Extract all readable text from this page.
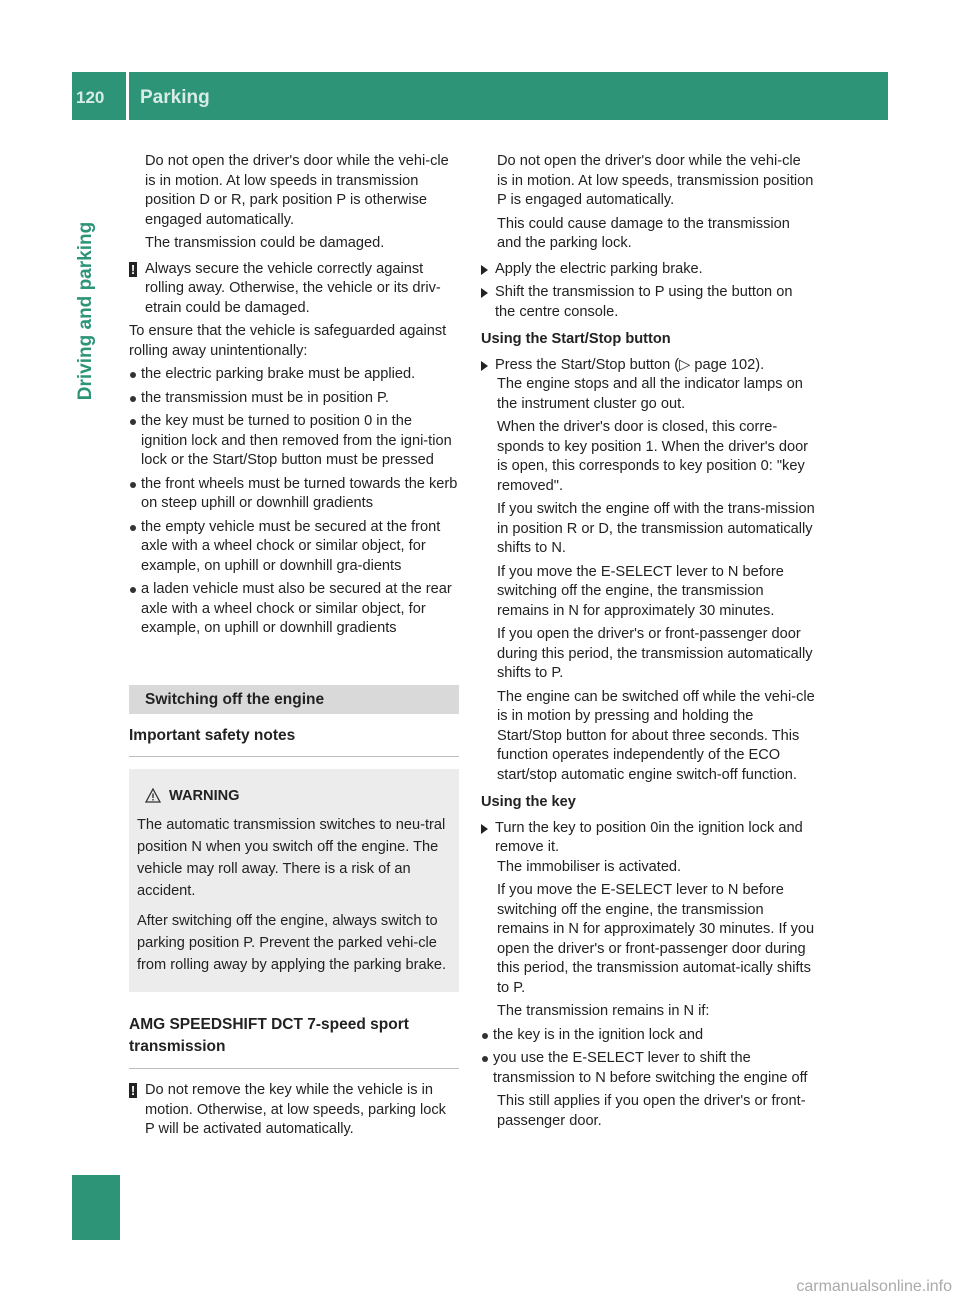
120 Parking
Driving and parking

Do not open the driver's door while the vehi-cle is in motion. At low speeds in transmission position D or R, park position P is otherwise engaged automatically.

The transmission could be damaged.

! Always secure the vehicle correctly against rolling away. Otherwise, the vehicle or its driv-etrain could be damaged.

To ensure that the vehicle is safeguarded against rolling away unintentionally:

the electric parking brake must be applied.
the transmission must be in position P.
the key must be turned to position 0 in the ignition lock and then removed from the igni-tion lock or the Start/Stop button must be pressed
the front wheels must be turned towards the kerb on steep uphill or downhill gradients
the empty vehicle must be secured at the front axle with a wheel chock or similar object, for example, on uphill or downhill gra-dients
a laden vehicle must also be secured at the rear axle with a wheel chock or similar object, for example, on uphill or downhill gradients
Switching off the engine
Important safety notes
WARNING

The automatic transmission switches to neu-tral position N when you switch off the engine. The vehicle may roll away. There is a risk of an accident.

After switching off the engine, always switch to parking position P. Prevent the parked vehi-cle from rolling away by applying the parking brake.

AMG SPEEDSHIFT DCT 7-speed sport transmission
! Do not remove the key while the vehicle is in motion. Otherwise, at low speeds, parking lock P will be activated automatically.

Do not open the driver's door while the vehi-cle is in motion. At low speeds, transmission position P is engaged automatically.

This could cause damage to the transmission and the parking lock.

Apply the electric parking brake.
Shift the transmission to P using the button on the centre console.

Using the Start/Stop button

Press the Start/Stop button (▷ page 102).

The engine stops and all the indicator lamps on the instrument cluster go out.

When the driver's door is closed, this corre-sponds to key position 1. When the driver's door is open, this corresponds to key position 0: "key removed".

If you switch the engine off with the trans-mission in position R or D, the transmission automatically shifts to N.

If you move the E-SELECT lever to N before switching off the engine, the transmission remains in N for approximately 30 minutes.

If you open the driver's or front-passenger door during this period, the transmission automatically shifts to P.

The engine can be switched off while the vehi-cle is in motion by pressing and holding the Start/Stop button for about three seconds. This function operates independently of the ECO start/stop automatic engine switch-off function.

Using the key

Turn the key to position 0in the ignition lock and remove it.

The immobiliser is activated.

If you move the E-SELECT lever to N before switching off the engine, the transmission remains in N for approximately 30 minutes. If you open the driver's or front-passenger door during this period, the transmission automat-ically shifts to P.

The transmission remains in N if:

the key is in the ignition lock and
you use the E-SELECT lever to shift the transmission to N before switching the engine off

This still applies if you open the driver's or front-passenger door.

carmanualsonline.info
